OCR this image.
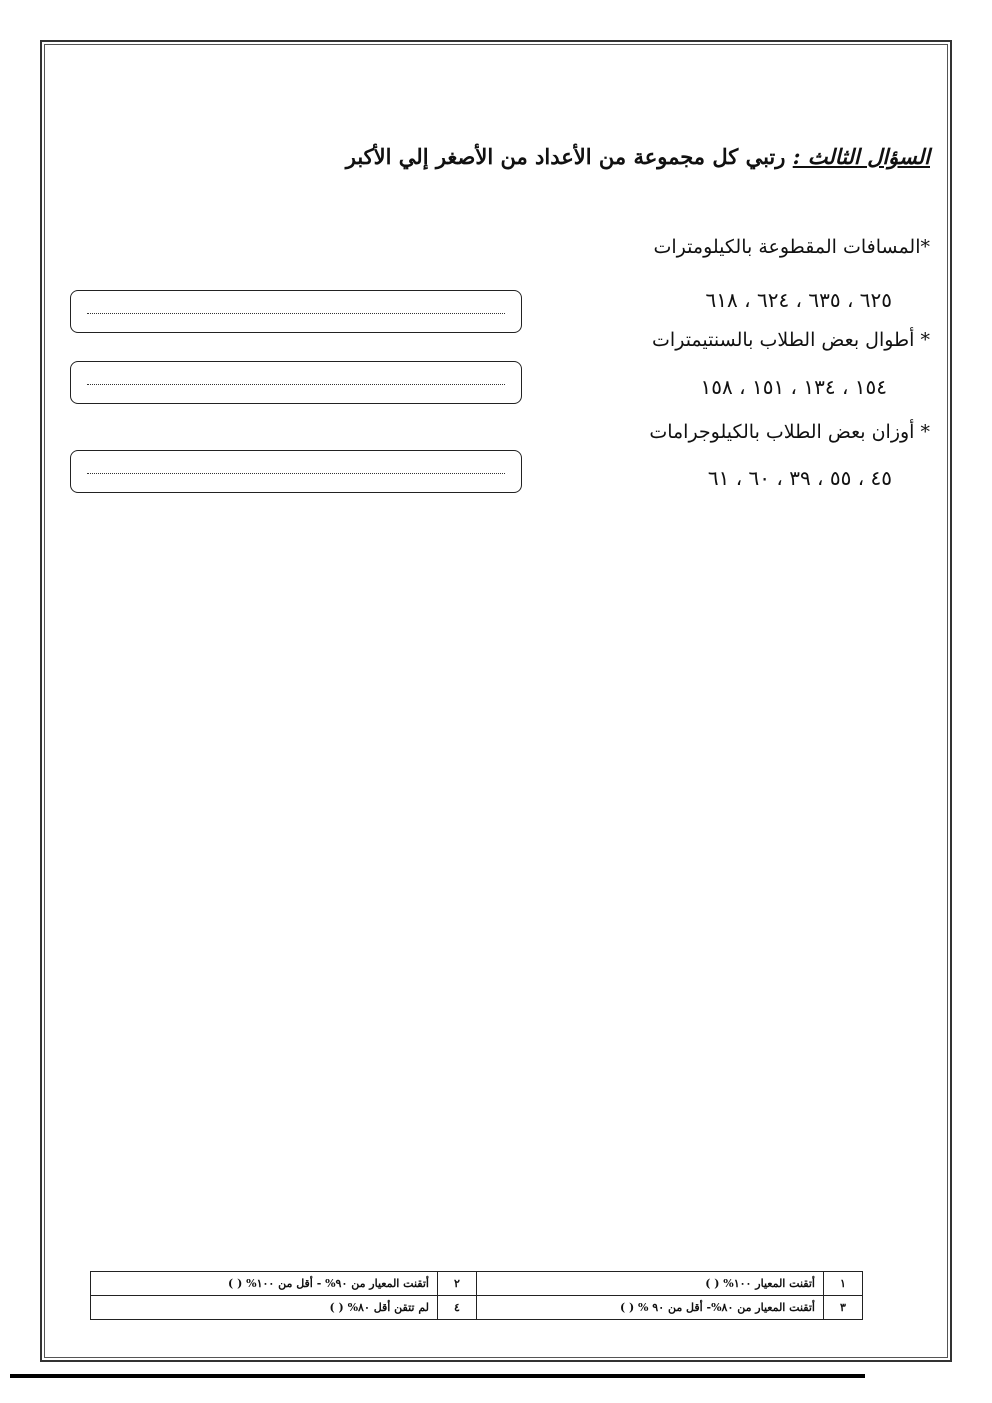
السؤال الثالث : رتبي كل مجموعة من الأعداد من الأصغر إلي الأكبر
*المسافات المقطوعة بالكيلومترات
٦٢٥ ، ٦٣٥ ، ٦٢٤ ، ٦١٨
* أطوال بعض الطلاب بالسنتيمترات
١٥٤ ، ١٣٤ ، ١٥١ ، ١٥٨
* أوزان بعض الطلاب بالكيلوجرامات
٤٥ ، ٥٥ ، ٣٩ ، ٦٠ ، ٦١
١	أتقنت المعيار ١٠٠% ( )	٢	أتقنت المعيار من ٩٠% - أقل من ١٠٠% ( )
٣	أتقنت المعيار من ٨٠%- أقل من ٩٠ % ( )	٤	لم تتقن أقل ٨٠% ( )
